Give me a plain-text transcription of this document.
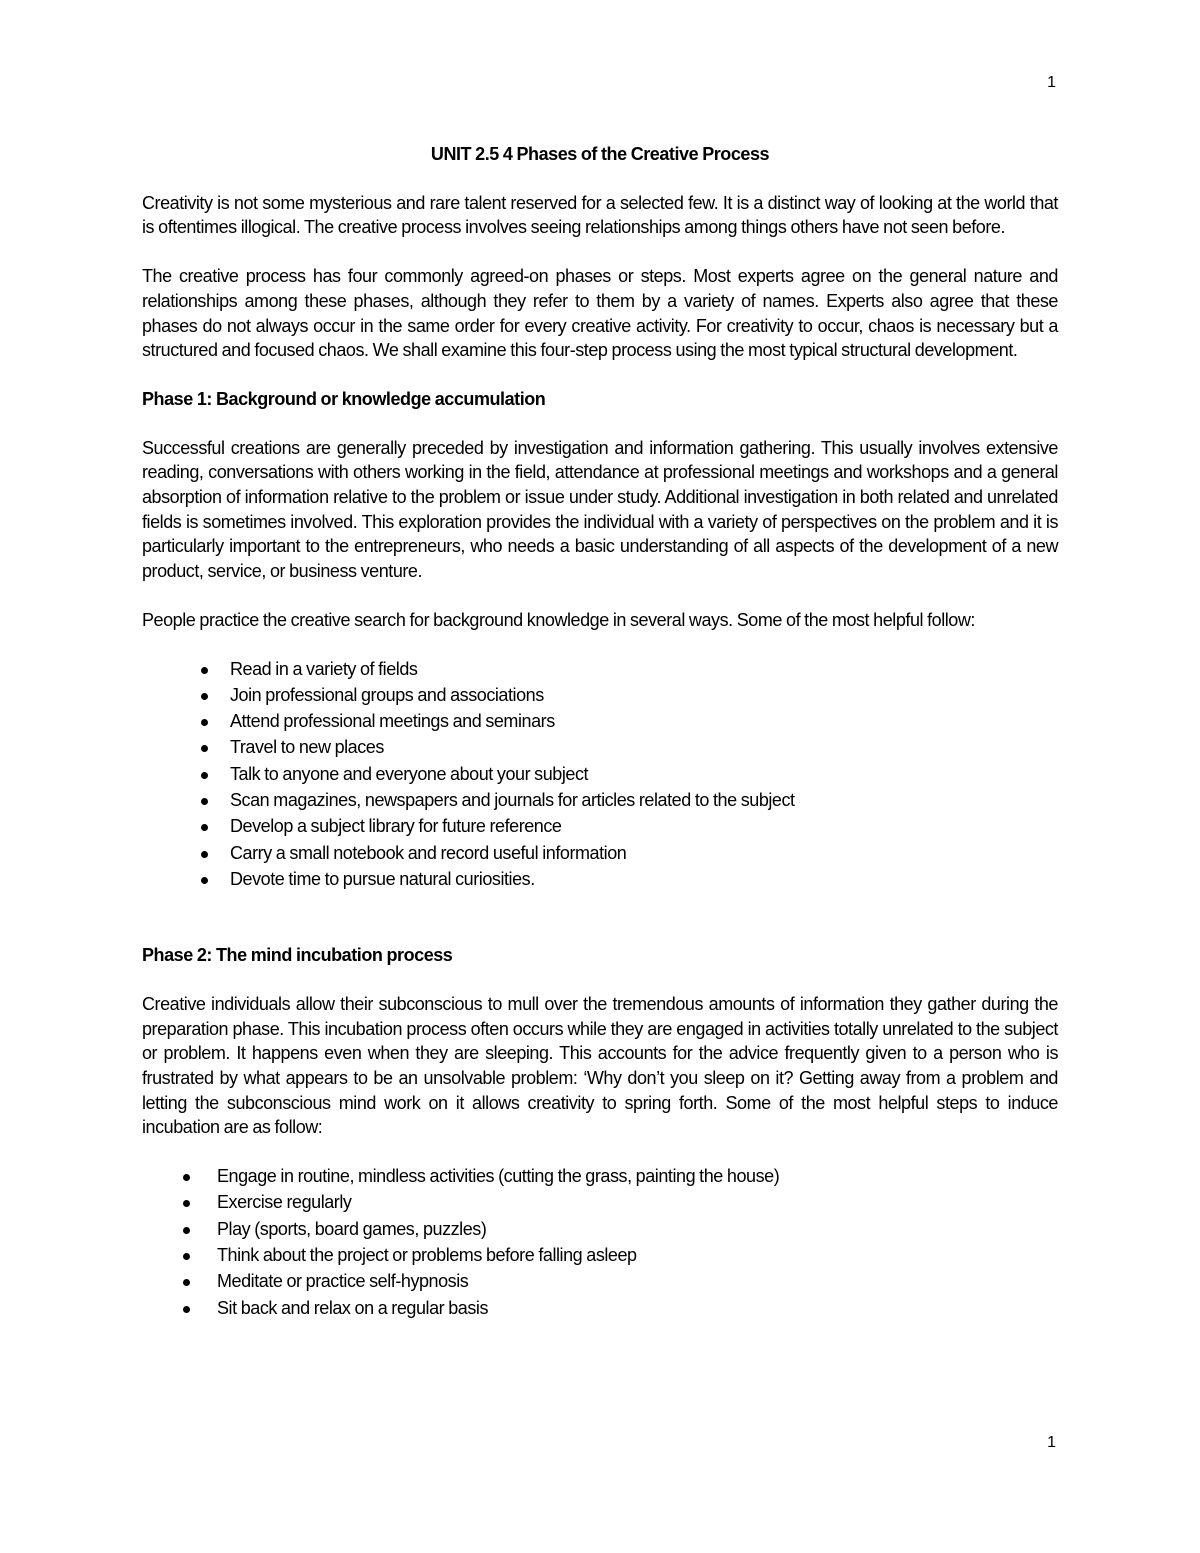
1
UNIT 2.5 4 Phases of the Creative Process

Creativity is not some mysterious and rare talent reserved for a selected few. It is a distinct way of looking at the world that is oftentimes illogical. The creative process involves seeing relationships among things others have not seen before.

The creative process has four commonly agreed-on phases or steps. Most experts agree on the general nature and relationships among these phases, although they refer to them by a variety of names. Experts also agree that these phases do not always occur in the same order for every creative activity. For creativity to occur, chaos is necessary but a structured and focused chaos. We shall examine this four-step process using the most typical structural development.

Phase 1: Background or knowledge accumulation

Successful creations are generally preceded by investigation and information gathering. This usually involves extensive reading, conversations with others working in the field, attendance at professional meetings and workshops and a general absorption of information relative to the problem or issue under study. Additional investigation in both related and unrelated fields is sometimes involved. This exploration provides the individual with a variety of perspectives on the problem and it is particularly important to the entrepreneurs, who needs a basic understanding of all aspects of the development of a new product, service, or business venture.

People practice the creative search for background knowledge in several ways. Some of the most helpful follow:

Read in a variety of fields
Join professional groups and associations
Attend professional meetings and seminars
Travel to new places
Talk to anyone and everyone about your subject
Scan magazines, newspapers and journals for articles related to the subject
Develop a subject library for future reference
Carry a small notebook and record useful information
Devote time to pursue natural curiosities.
Phase 2: The mind incubation process

Creative individuals allow their subconscious to mull over the tremendous amounts of information they gather during the preparation phase. This incubation process often occurs while they are engaged in activities totally unrelated to the subject or problem. It happens even when they are sleeping. This accounts for the advice frequently given to a person who is frustrated by what appears to be an unsolvable problem: ‘Why don’t you sleep on it? Getting away from a problem and letting the subconscious mind work on it allows creativity to spring forth. Some of the most helpful steps to induce incubation are as follow:

Engage in routine, mindless activities (cutting the grass, painting the house)
Exercise regularly
Play (sports, board games, puzzles)
Think about the project or problems before falling asleep
Meditate or practice self-hypnosis
Sit back and relax on a regular basis
1
